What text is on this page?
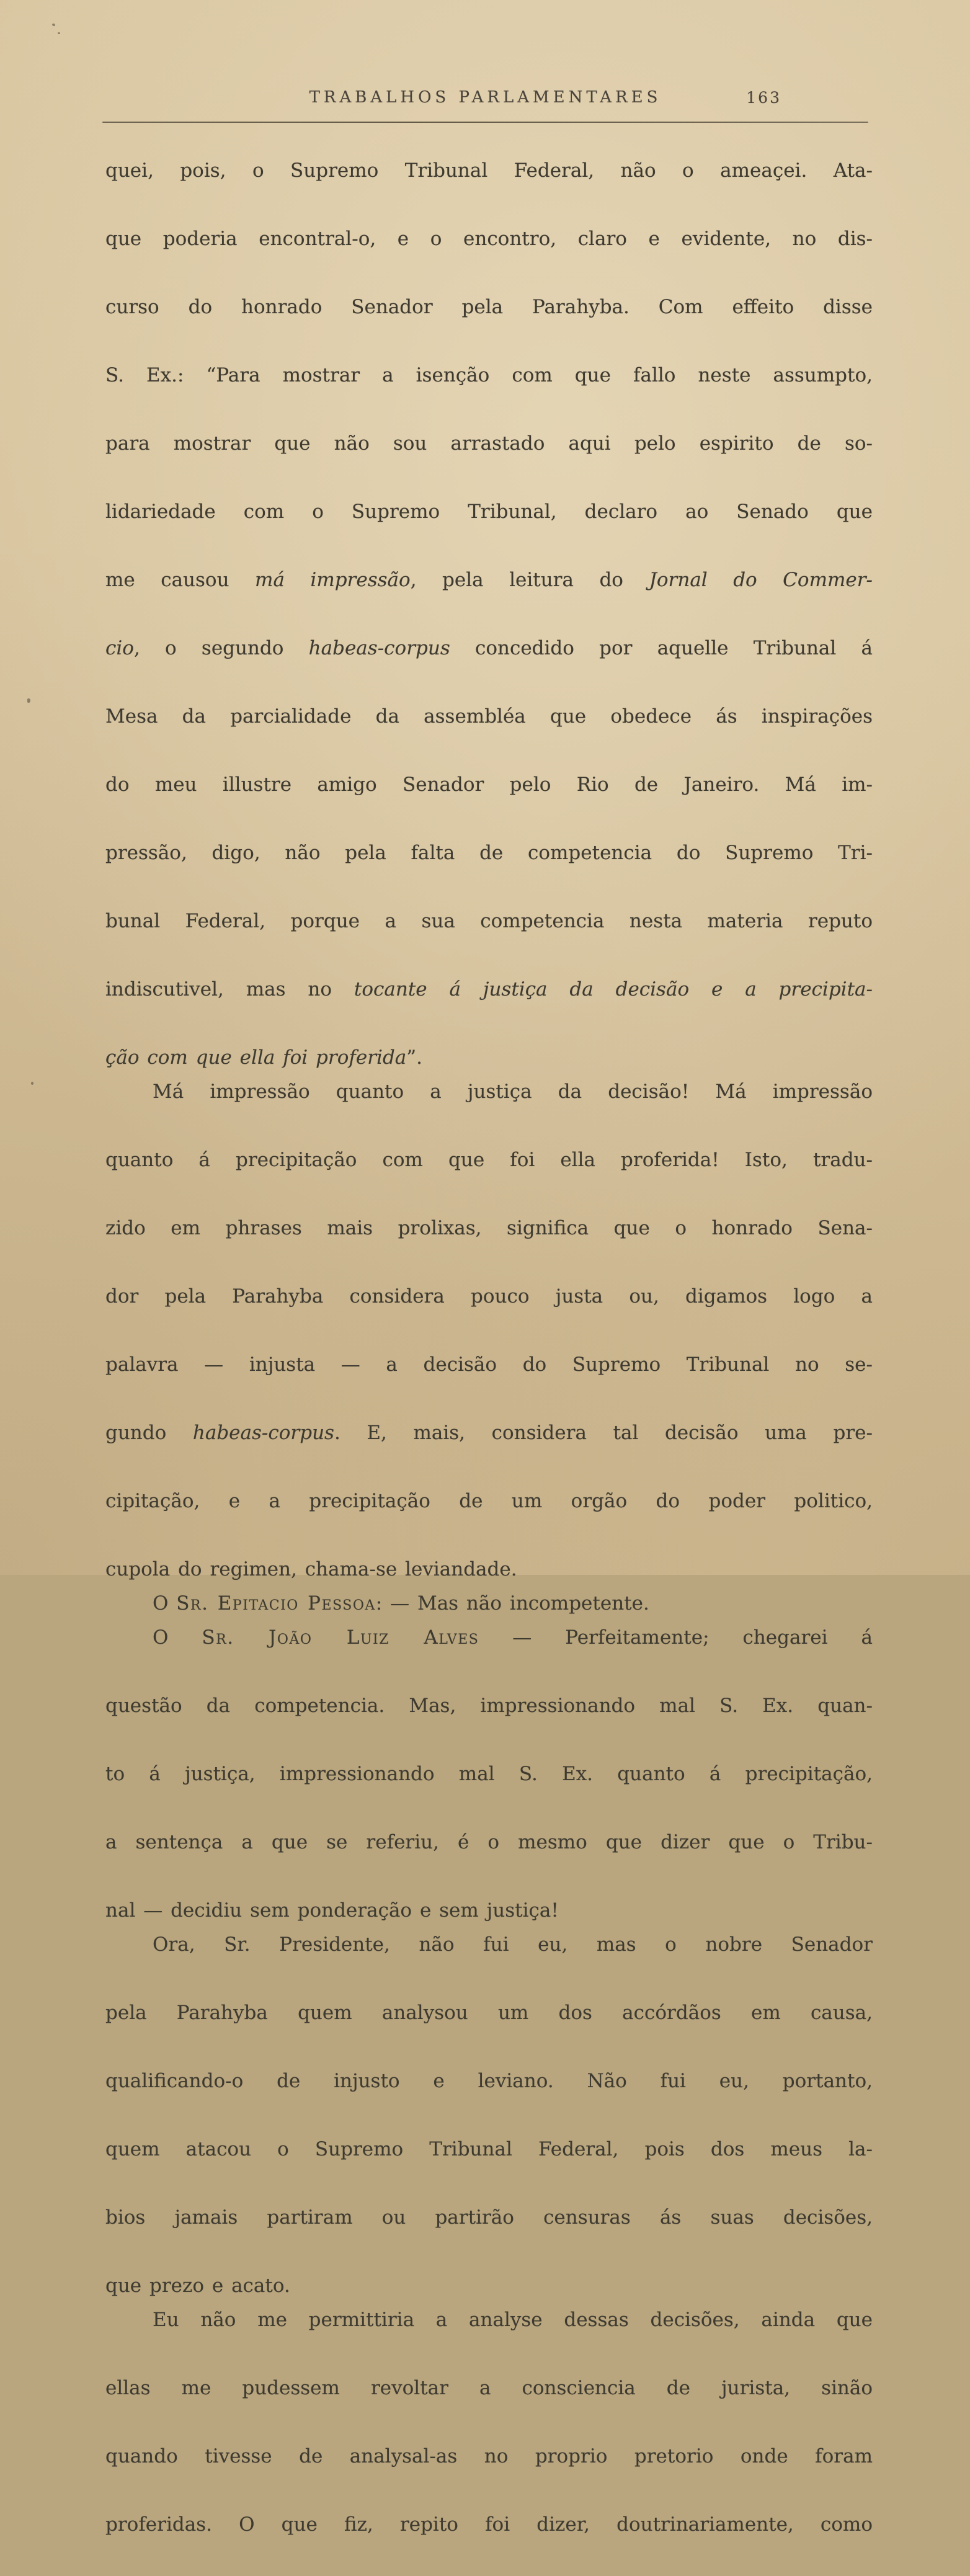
TRABALHOS PARLAMENTARES	163
quei, pois, o Supremo Tribunal Federal, não o ameaçei. Ata-
que poderia encontral-o, e o encontro, claro e evidente, no dis-
curso do honrado Senador pela Parahyba. Com effeito disse
S. Ex.: “Para mostrar a isenção com que fallo neste assumpto,
para mostrar que não sou arrastado aqui pelo espirito de so-
lidariedade com o Supremo Tribunal, declaro ao Senado que
me causou má impressão, pela leitura do Jornal do Commer-
cio, o segundo habeas-corpus concedido por aquelle Tribunal á
Mesa da parcialidade da assembléa que obedece ás inspirações
do meu illustre amigo Senador pelo Rio de Janeiro. Má im-
pressão, digo, não pela falta de competencia do Supremo Tri-
bunal Federal, porque a sua competencia nesta materia reputo
indiscutivel, mas no tocante á justiça da decisão e a precipita-
ção com que ella foi proferida”.
Má impressão quanto a justiça da decisão! Má impressão
quanto á precipitação com que foi ella proferida! Isto, tradu-
zido em phrases mais prolixas, significa que o honrado Sena-
dor pela Parahyba considera pouco justa ou, digamos logo a
palavra — injusta — a decisão do Supremo Tribunal no se-
gundo habeas-corpus. E, mais, considera tal decisão uma pre-
cipitação, e a precipitação de um orgão do poder politico,
cupola do regimen, chama-se leviandade.
O Sr. Epitacio Pessoa: — Mas não incompetente.
O Sr. João Luiz Alves — Perfeitamente; chegarei á
questão da competencia. Mas, impressionando mal S. Ex. quan-
to á justiça, impressionando mal S. Ex. quanto á precipitação,
a sentença a que se referiu, é o mesmo que dizer que o Tribu-
nal — decidiu sem ponderação e sem justiça!
Ora, Sr. Presidente, não fui eu, mas o nobre Senador
pela Parahyba quem analysou um dos accórdãos em causa,
qualificando-o de injusto e leviano. Não fui eu, portanto,
quem atacou o Supremo Tribunal Federal, pois dos meus la-
bios jamais partiram ou partirão censuras ás suas decisões,
que prezo e acato.
Eu não me permittiria a analyse dessas decisões, ainda que
ellas me pudessem revoltar a consciencia de jurista, sinão
quando tivesse de analysal-as no proprio pretorio onde foram
proferidas. O que fiz, repito foi dizer, doutrinariamente, como
